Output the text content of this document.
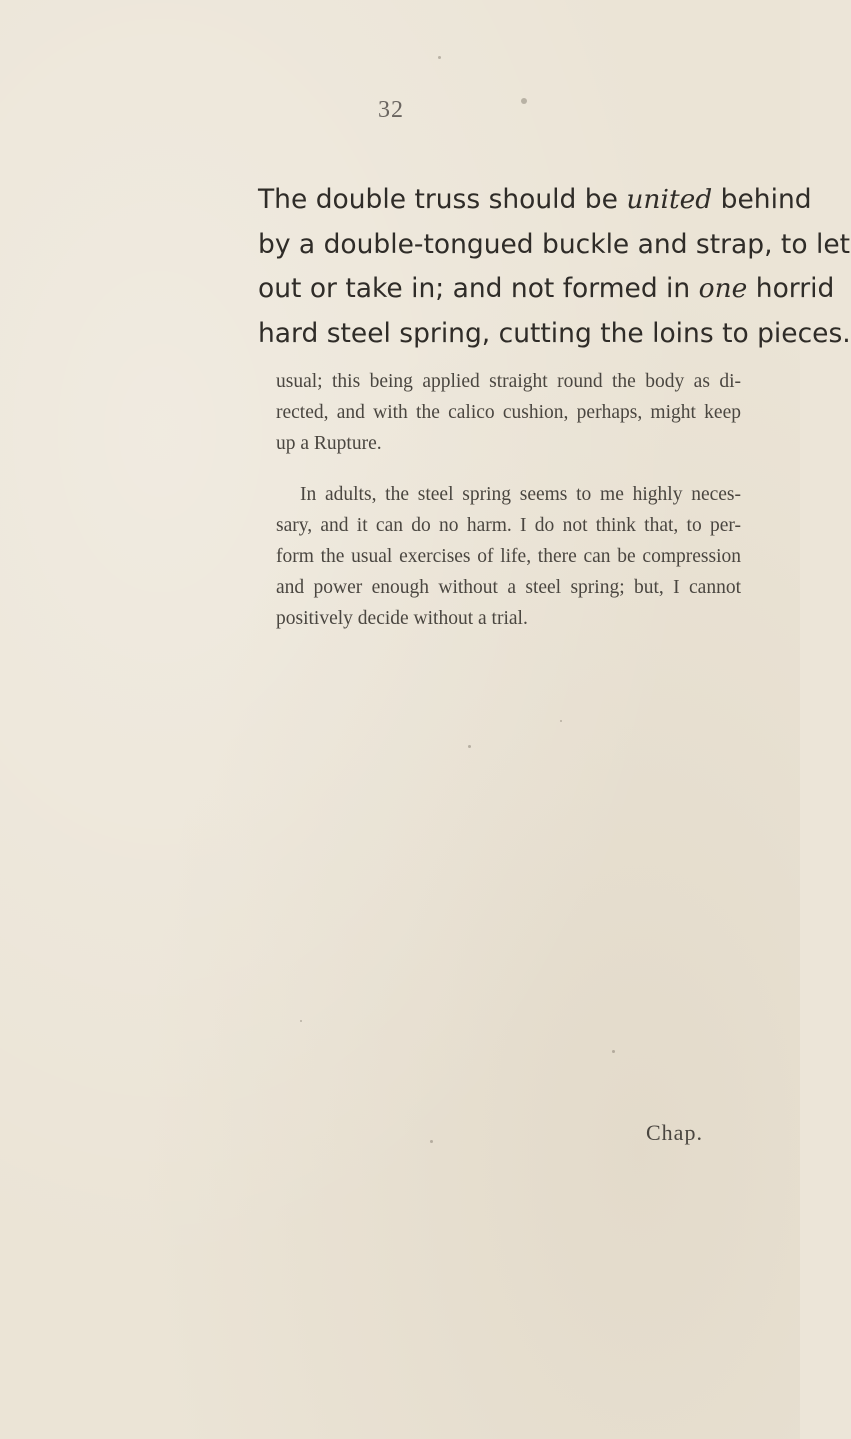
32
The double truss should be united behind
by a double-tongued buckle and strap, to let
out or take in; and not formed in one horrid
hard steel spring, cutting the loins to pieces.
usual; this being applied straight round the body as di-
rected, and with the calico cushion, perhaps, might keep
up a Rupture.
In adults, the steel spring seems to me highly neces-
sary, and it can do no harm. I do not think that, to per-
form the usual exercises of life, there can be compression
and power enough without a steel spring; but, I cannot
positively decide without a trial.
Chap.
